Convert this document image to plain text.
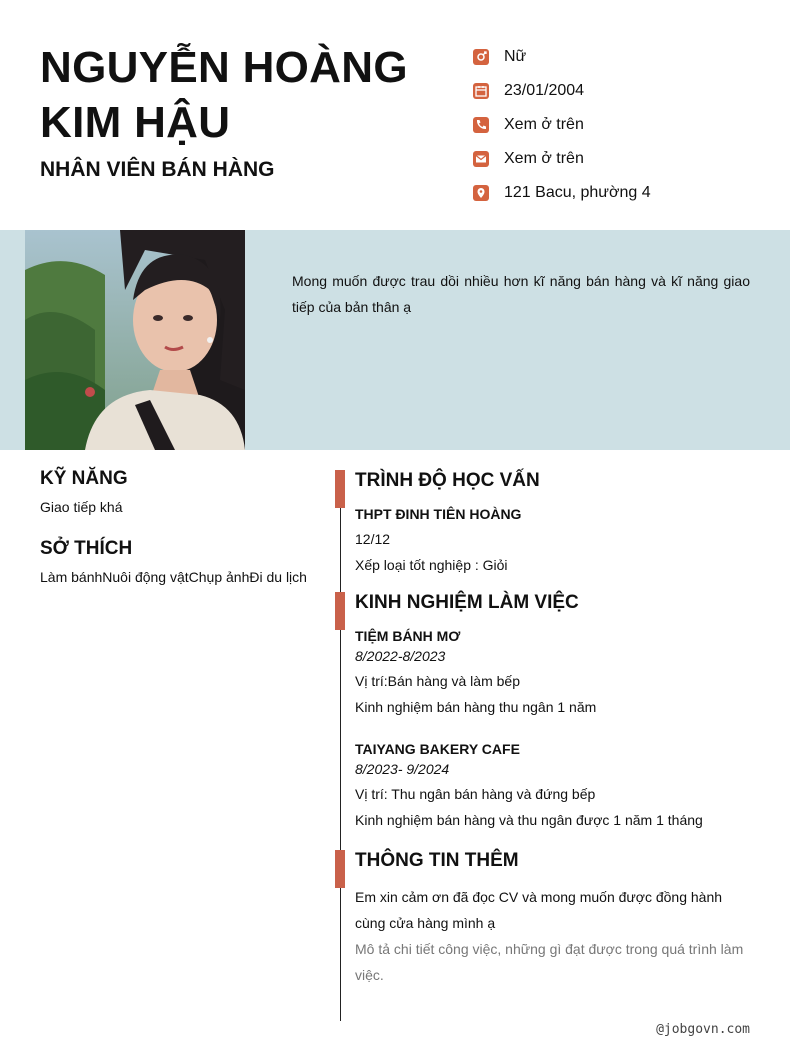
NGUYỄN HOÀNG KIM HẬU
NHÂN VIÊN BÁN HÀNG
Nữ
23/01/2004
Xem ở trên
Xem ở trên
121 Bacu, phường 4
Mong muốn được trau dồi nhiều hơn kĩ năng bán hàng và kĩ năng giao tiếp của bản thân ạ
KỸ NĂNG
Giao tiếp khá
SỞ THÍCH
Làm bánhNuôi động vậtChụp ảnhĐi du lịch
TRÌNH ĐỘ HỌC VẤN
THPT ĐINH TIÊN HOÀNG
12/12
Xếp loại tốt nghiệp : Giỏi
KINH NGHIỆM LÀM VIỆC
TIỆM BÁNH MƠ
8/2022-8/2023
Vị trí:Bán hàng và làm bếp
Kinh nghiệm bán hàng thu ngân 1 năm
TAIYANG BAKERY CAFE
8/2023- 9/2024
Vị trí: Thu ngân bán hàng và đứng bếp
Kinh nghiệm bán hàng và thu ngân được 1 năm 1 tháng
THÔNG TIN THÊM
Em xin cảm ơn đã đọc CV và mong muốn được đồng hành cùng cửa hàng mình ạ
Mô tả chi tiết công việc, những gì đạt được trong quá trình làm việc.
@jobgovn.com
